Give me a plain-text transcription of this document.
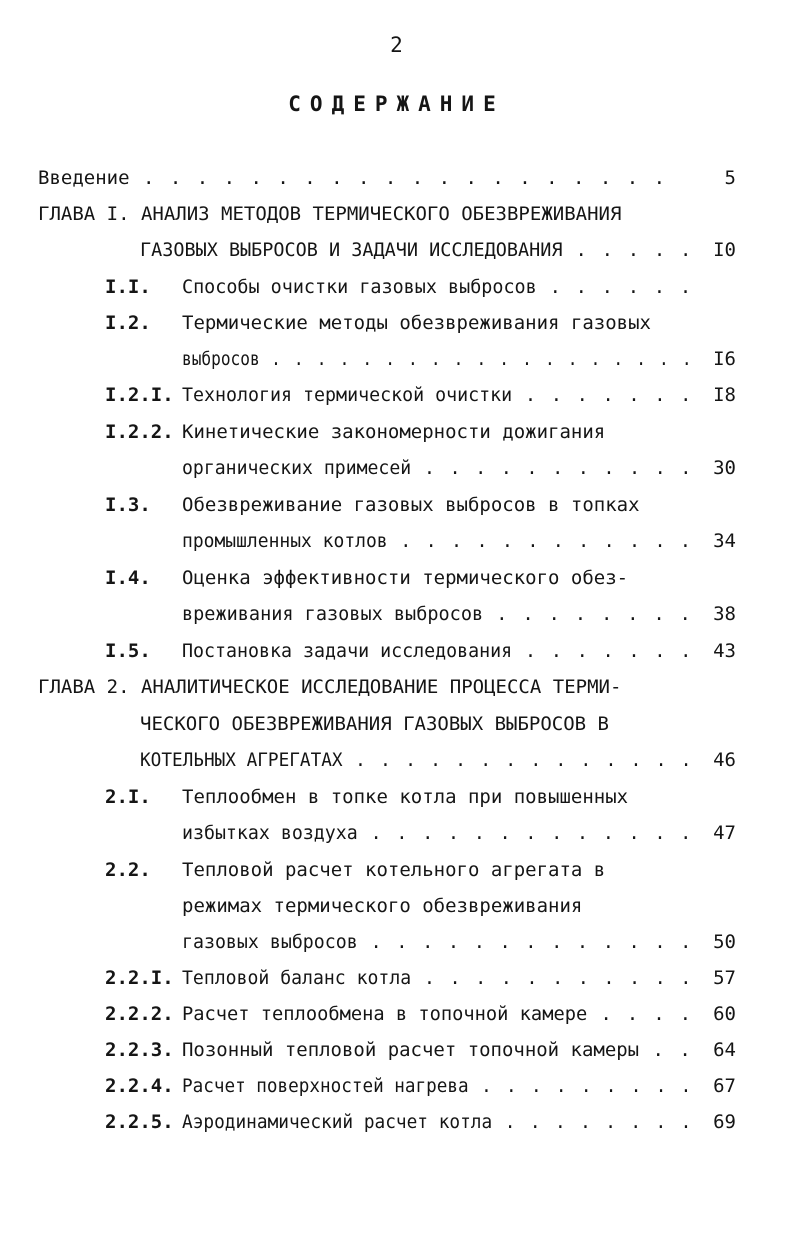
2
СОДЕРЖАНИЕ
Введение . . . . . . . . . . . . . . . . . . . .	5
ГЛАВА I. АНАЛИЗ МЕТОДОВ ТЕРМИЧЕСКОГО ОБЕЗВРЕЖИВАНИЯ
ГАЗОВЫХ ВЫБРОСОВ И ЗАДАЧИ ИССЛЕДОВАНИЯ . . . . . I0
I.I. Способы очистки газовых выбросов . . . . . .
I.2. Термические методы обезвреживания газовых
выбросов . . . . . . . . . . . . . . . . . . . I6
I.2.I. Технология термической очистки . . . . . . . I8
I.2.2. Кинетические закономерности дожигания
органических примесей . . . . . . . . . . . 30
I.3. Обезвреживание газовых выбросов в топках
промышленных котлов . . . . . . . . . . . . 34
I.4. Оценка эффективности термического обез-
вреживания газовых выбросов . . . . . . . . 38
I.5. Постановка задачи исследования . . . . . . . 43
ГЛАВА 2. АНАЛИТИЧЕСКОЕ ИССЛЕДОВАНИЕ ПРОЦЕССА ТЕРМИ-
ЧЕСКОГО ОБЕЗВРЕЖИВАНИЯ ГАЗОВЫХ ВЫБРОСОВ В
КОТЕЛЬНЫХ АГРЕГАТАХ . . . . . . . . . . . . . . 46
2.I. Теплообмен в топке котла при повышенных
избытках воздуха . . . . . . . . . . . . . 47
2.2. Тепловой расчет котельного агрегата в
режимах термического обезвреживания
газовых выбросов . . . . . . . . . . . . . 50
2.2.I. Тепловой баланс котла . . . . . . . . . . . 57
2.2.2. Расчет теплообмена в топочной камере . . . . 60
2.2.3. Позонный тепловой расчет топочной камеры . . 64
2.2.4. Расчет поверхностей нагрева . . . . . . . . . 67
2.2.5. Аэродинамический расчет котла . . . . . . . . 69
